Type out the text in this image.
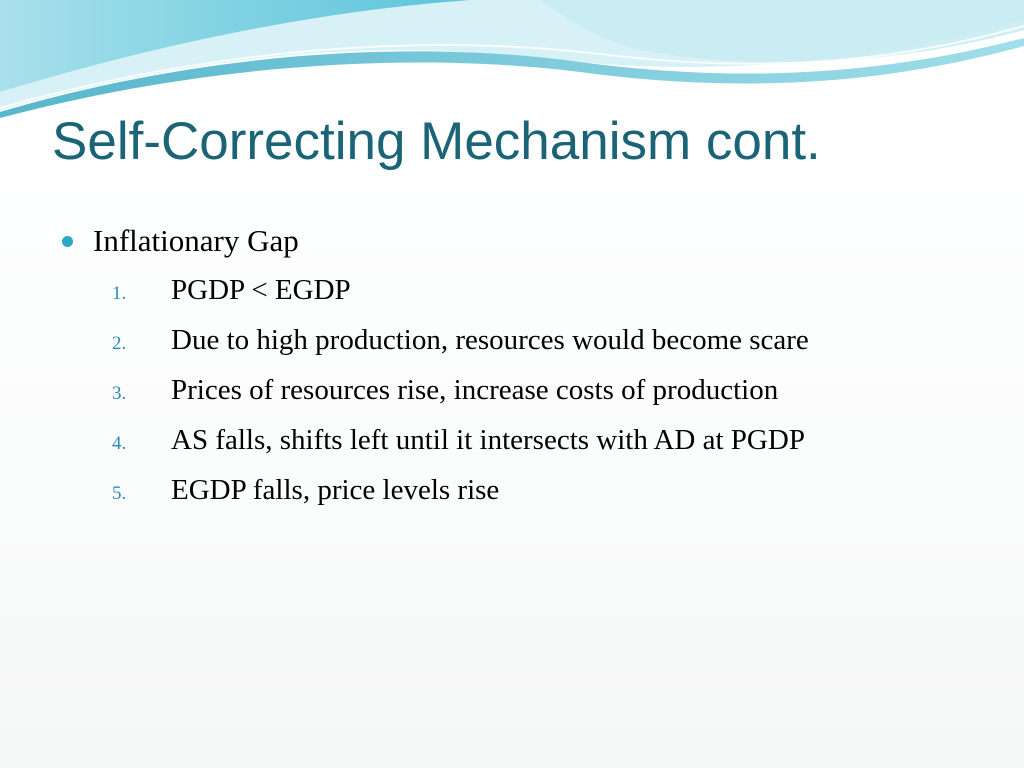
Self-Correcting Mechanism cont.
Inflationary Gap
1.	PGDP < EGDP
2.	Due to high production, resources would become scare
3.	Prices of resources rise, increase costs of production
4.	AS falls, shifts left until it intersects with AD at PGDP
5.	EGDP falls, price levels rise
